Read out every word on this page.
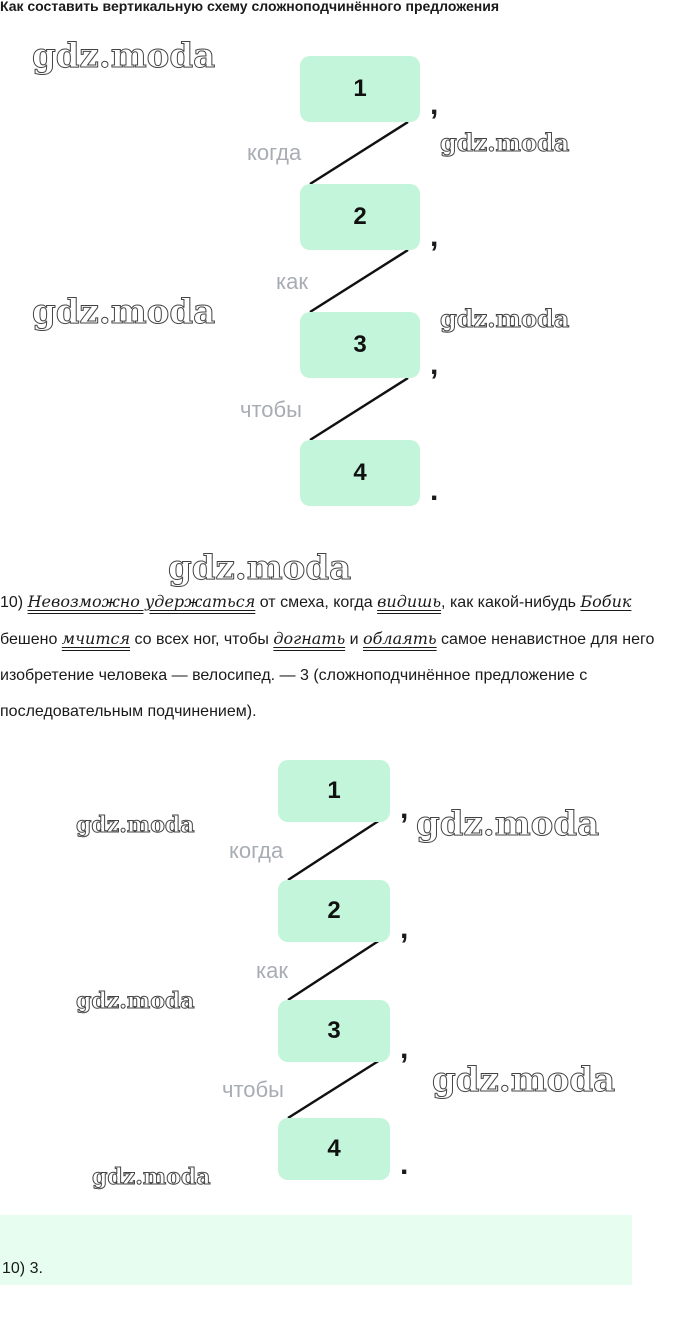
Как составить вертикальную схему сложноподчинённого предложения
1
2
3
4
,
,
,
.
когда
как
чтобы
gdz.moda
gdz.moda
gdz.moda	gdz.moda
gdz.moda
10) Невозможно удержаться от смеха, когда видишь, как какой-нибудь Бобик бешено мчится со всех ног, чтобы догнать и облаять самое ненавистное для него изобретение человека — велосипед. — 3 (сложноподчинённое предложение с последовательным подчинением).
1
2
3
4
,
,
,
.
когда
как
чтобы
gdz.moda	gdz.moda
gdz.moda
gdz.moda
gdz.moda
10) 3.
